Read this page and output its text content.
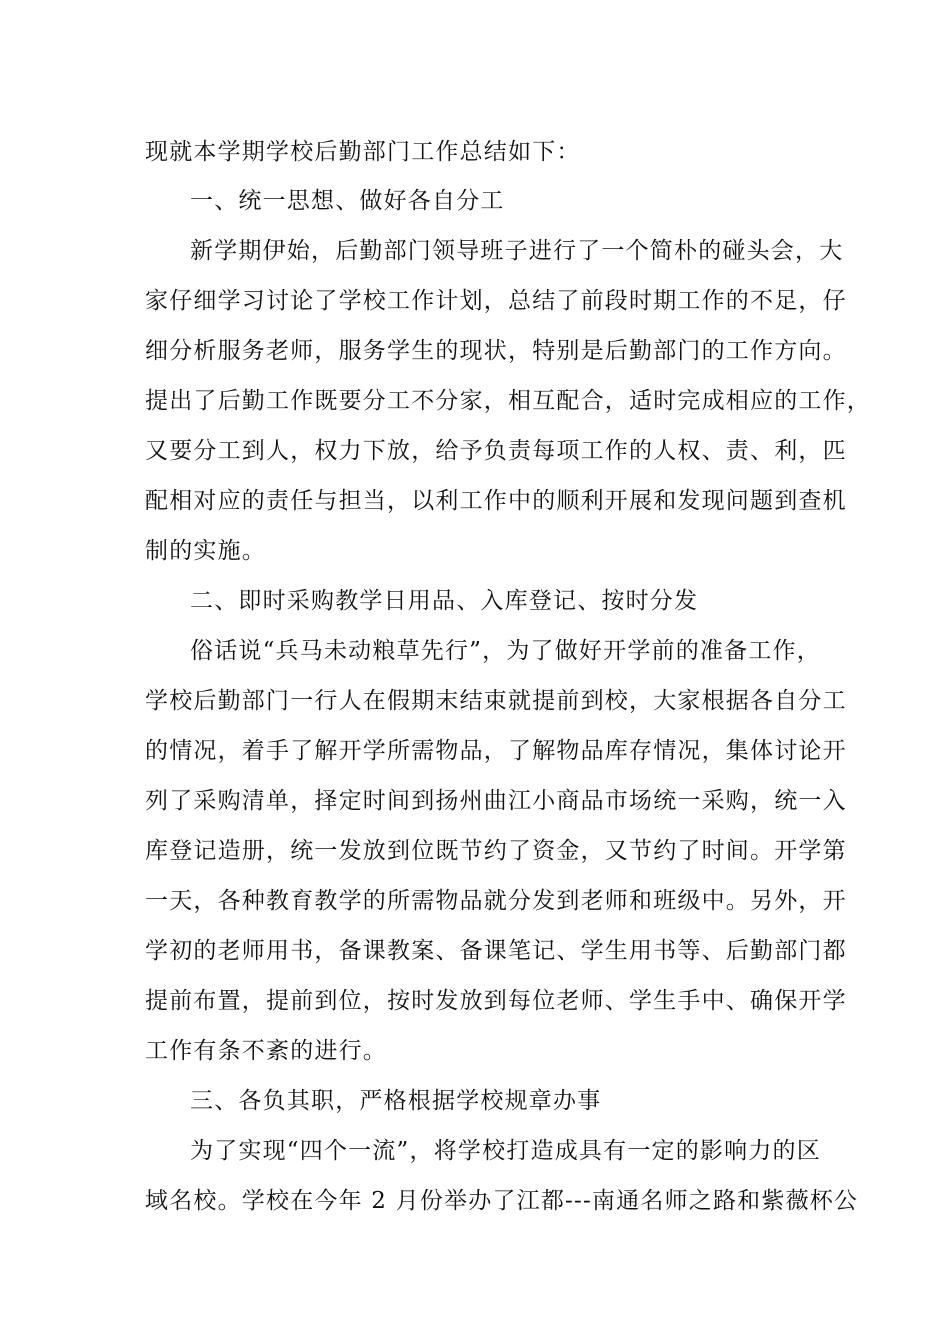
现就本学期学校后勤部门工作总结如下：
一、统一思想、做好各自分工
新学期伊始，后勤部门领导班子进行了一个简朴的碰头会，大
家仔细学习讨论了学校工作计划，总结了前段时期工作的不足，仔
细分析服务老师，服务学生的现状，特别是后勤部门的工作方向。
提出了后勤工作既要分工不分家，相互配合，适时完成相应的工作，
又要分工到人，权力下放，给予负责每项工作的人权、责、利，匹
配相对应的责任与担当，以利工作中的顺利开展和发现问题到查机
制的实施。
二、即时采购教学日用品、入库登记、按时分发
俗话说“兵马未动粮草先行”，为了做好开学前的准备工作，
学校后勤部门一行人在假期末结束就提前到校，大家根据各自分工
的情况，着手了解开学所需物品，了解物品库存情况，集体讨论开
列了采购清单，择定时间到扬州曲江小商品市场统一采购，统一入
库登记造册，统一发放到位既节约了资金，又节约了时间。开学第
一天，各种教育教学的所需物品就分发到老师和班级中。另外，开
学初的老师用书，备课教案、备课笔记、学生用书等、后勤部门都
提前布置，提前到位，按时发放到每位老师、学生手中、确保开学
工作有条不紊的进行。
三、各负其职，严格根据学校规章办事
为了实现“四个一流”，将学校打造成具有一定的影响力的区
域名校。学校在今年 2 月份举办了江都---南通名师之路和紫薇杯公
